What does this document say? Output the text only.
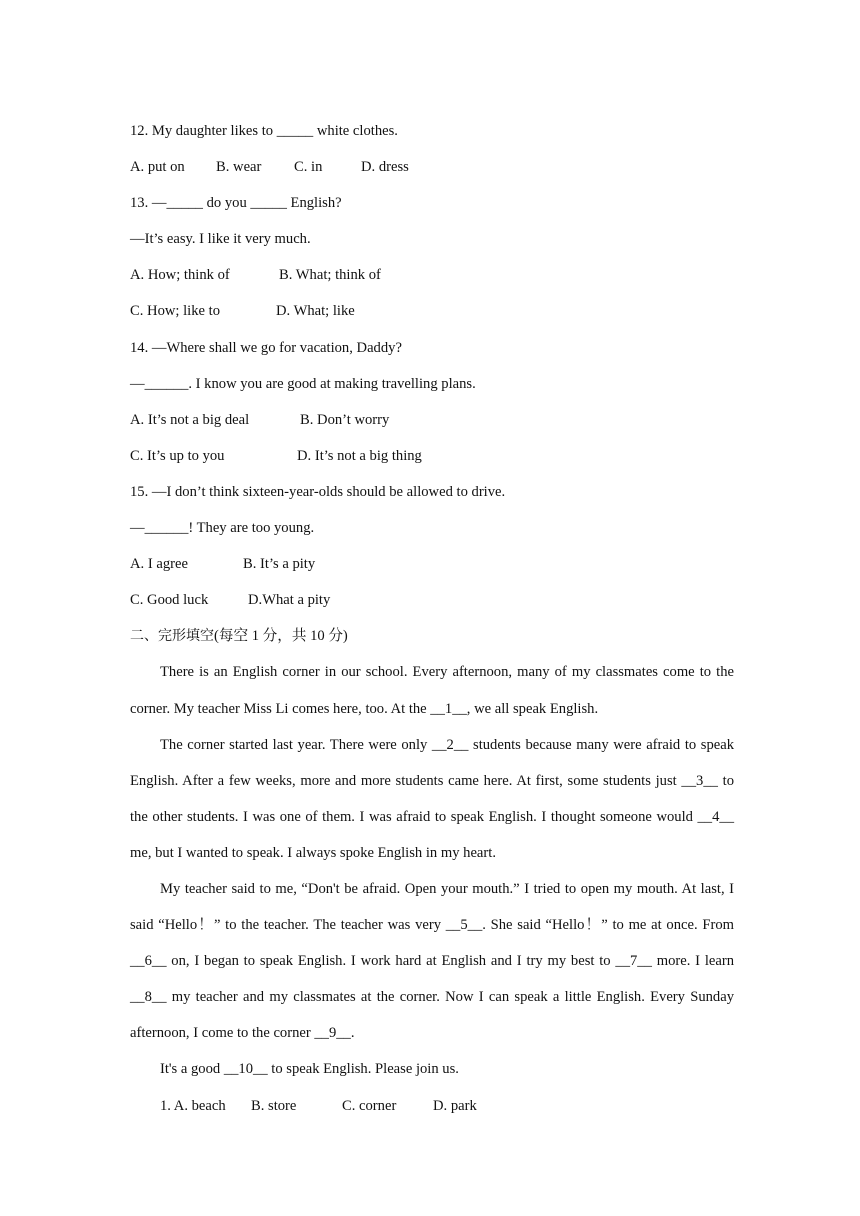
12. My daughter likes to _____ white clothes.
A. put on B. wear C. in	D. dress
13. —_____ do you _____ English?
—It’s easy. I like it very much.
A. How; think of	B. What; think of
C. How; like to	D. What; like
14. —Where shall we go for vacation, Daddy?
—______. I know you are good at making travelling plans.
A. It’s not a big deal	B. Don’t worry
C. It’s up to you	D. It’s not a big thing
15. —I don’t think sixteen-year-olds should be allowed to drive.
—______! They are too young.
A. I agree	B. It’s a pity
C. Good luck	D.What a pity
二、完形填空(每空 1 分，共 10 分)

There is an English corner in our school. Every afternoon, many of my classmates come to the corner. My teacher Miss Li comes here, too. At the __1__, we all speak English.

The corner started last year. There were only __2__ students because many were afraid to speak English. After a few weeks, more and more students came here. At first, some students just __3__ to the other students. I was one of them. I was afraid to speak English. I thought someone would __4__ me, but I wanted to speak. I always spoke English in my heart.

My teacher said to me, “Don't be afraid. Open your mouth.” I tried to open my mouth. At last, I said “Hello！” to the teacher. The teacher was very __5__. She said “Hello！” to me at once. From __6__ on, I began to speak English. I work hard at English and I try my best to __7__ more. I learn __8__ my teacher and my classmates at the corner. Now I can speak a little English. Every Sunday afternoon, I come to the corner __9__.

It's a good __10__ to speak English. Please join us.

1. A. beach B. store	C. corner	D. park
